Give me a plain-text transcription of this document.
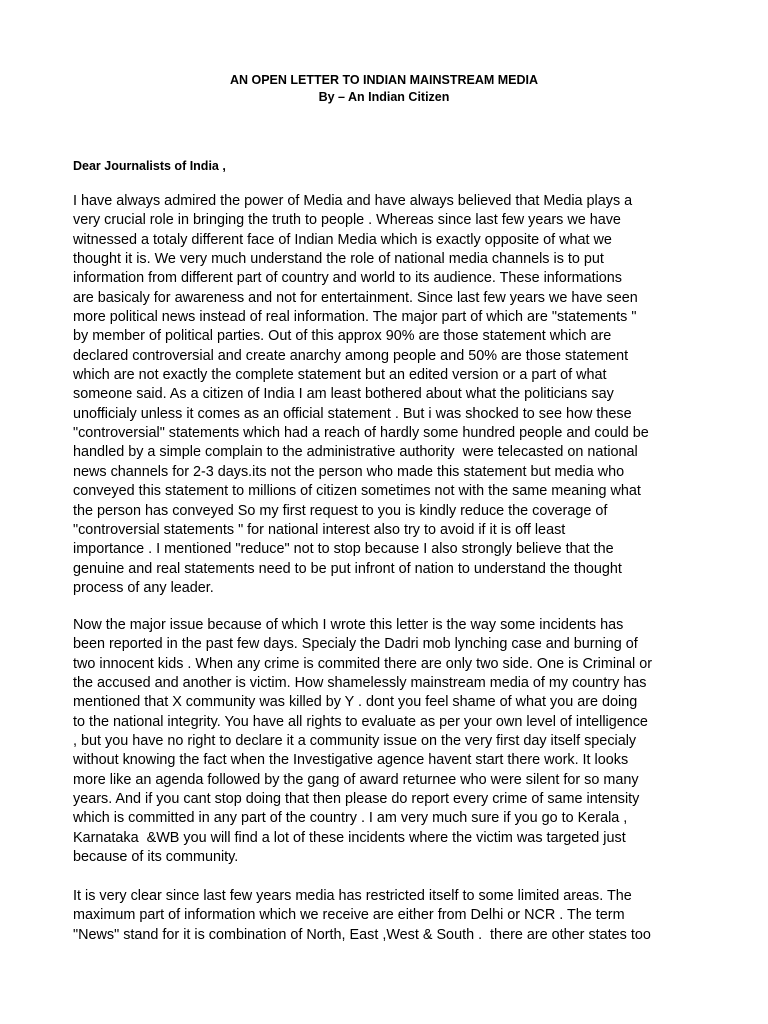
AN OPEN LETTER TO INDIAN MAINSTREAM MEDIA
By – An Indian Citizen
Dear Journalists of India ,
I have always admired the power of Media and have always believed that Media plays a
very crucial role in bringing the truth to people . Whereas since last few years we have
witnessed a totaly different face of Indian Media which is exactly opposite of what we
thought it is. We very much understand the role of national media channels is to put
information from different part of country and world to its audience. These informations
are basicaly for awareness and not for entertainment. Since last few years we have seen
more political news instead of real information. The major part of which are "statements "
by member of political parties. Out of this approx 90% are those statement which are
declared controversial and create anarchy among people and 50% are those statement
which are not exactly the complete statement but an edited version or a part of what
someone said. As a citizen of India I am least bothered about what the politicians say
unofficialy unless it comes as an official statement . But i was shocked to see how these
"controversial" statements which had a reach of hardly some hundred people and could be
handled by a simple complain to the administrative authority  were telecasted on national
news channels for 2-3 days.its not the person who made this statement but media who
conveyed this statement to millions of citizen sometimes not with the same meaning what
the person has conveyed So my first request to you is kindly reduce the coverage of
"controversial statements " for national interest also try to avoid if it is off least
importance . I mentioned "reduce" not to stop because I also strongly believe that the
genuine and real statements need to be put infront of nation to understand the thought
process of any leader.
Now the major issue because of which I wrote this letter is the way some incidents has
been reported in the past few days. Specialy the Dadri mob lynching case and burning of
two innocent kids . When any crime is commited there are only two side. One is Criminal or
the accused and another is victim. How shamelessly mainstream media of my country has
mentioned that X community was killed by Y . dont you feel shame of what you are doing
to the national integrity. You have all rights to evaluate as per your own level of intelligence
, but you have no right to declare it a community issue on the very first day itself specialy
without knowing the fact when the Investigative agence havent start there work. It looks
more like an agenda followed by the gang of award returnee who were silent for so many
years. And if you cant stop doing that then please do report every crime of same intensity
which is committed in any part of the country . I am very much sure if you go to Kerala ,
Karnataka  &WB you will find a lot of these incidents where the victim was targeted just
because of its community.
It is very clear since last few years media has restricted itself to some limited areas. The
maximum part of information which we receive are either from Delhi or NCR . The term
"News" stand for it is combination of North, East ,West & South .  there are other states too
